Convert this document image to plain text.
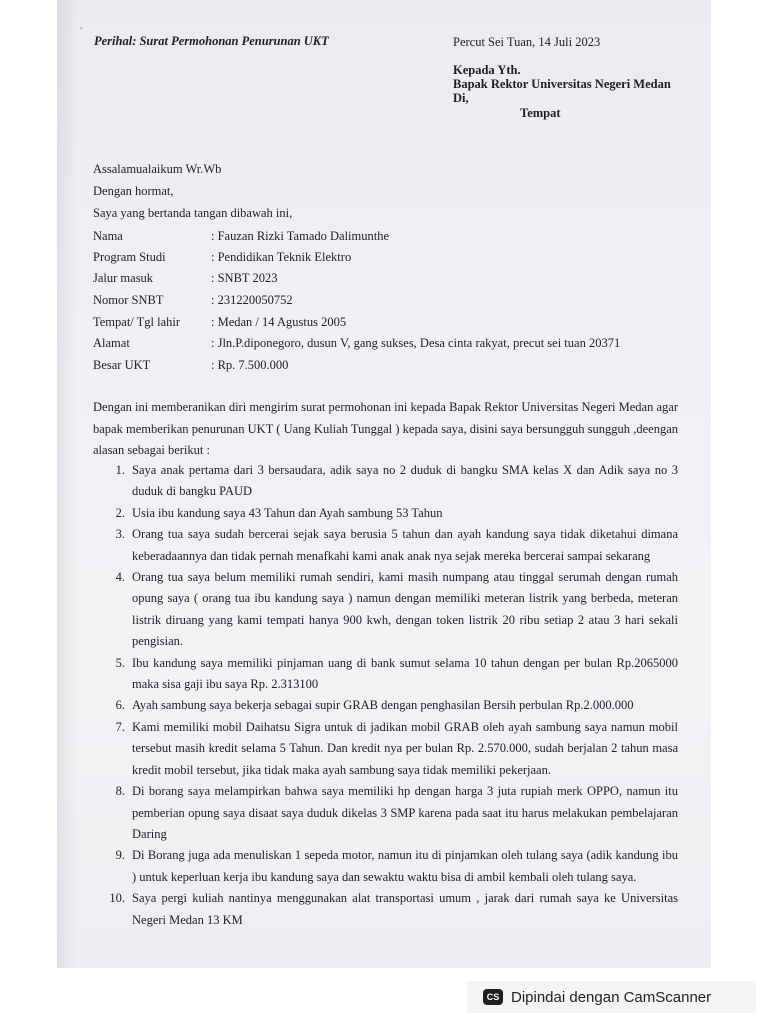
·
Perihal: Surat Permohonan Penurunan UKT	Percut Sei Tuan, 14 Juli 2023
Kepada Yth.
Bapak Rektor Universitas Negeri Medan
Di,
Tempat
Assalamualaikum Wr.Wb
Dengan hormat,
Saya yang bertanda tangan dibawah ini,
Nama	: Fauzan Rizki Tamado Dalimunthe
Program Studi	: Pendidikan Teknik Elektro
Jalur masuk	: SNBT 2023
Nomor SNBT	: 231220050752
Tempat/ Tgl lahir : Medan / 14 Agustus 2005
Alamat	: Jln.P.diponegoro, dusun V, gang sukses, Desa cinta rakyat, precut sei tuan 20371
Besar UKT	: Rp. 7.500.000
Dengan ini memberanikan diri mengirim surat permohonan ini kepada Bapak Rektor Universitas Negeri Medan agar bapak memberikan penurunan UKT ( Uang Kuliah Tunggal ) kepada saya, disini saya bersungguh sungguh ,deengan alasan sebagai berikut :
1. Saya anak pertama dari 3 bersaudara, adik saya no 2 duduk di bangku SMA kelas X dan Adik saya no 3 duduk di bangku PAUD
2. Usia ibu kandung saya 43 Tahun dan Ayah sambung 53 Tahun
3. Orang tua saya sudah bercerai sejak saya berusia 5 tahun dan ayah kandung saya tidak diketahui dimana keberadaannya dan tidak pernah menafkahi kami anak anak nya sejak mereka bercerai sampai sekarang
4. Orang tua saya belum memiliki rumah sendiri, kami masih numpang atau tinggal serumah dengan rumah opung saya ( orang tua ibu kandung saya ) namun dengan memiliki meteran listrik yang berbeda, meteran listrik diruang yang kami tempati hanya 900 kwh, dengan token listrik 20 ribu setiap 2 atau 3 hari sekali pengisian.
5. Ibu kandung saya memiliki pinjaman uang di bank sumut selama 10 tahun dengan per bulan Rp.2065000 maka sisa gaji ibu saya Rp. 2.313100
6. Ayah sambung saya bekerja sebagai supir GRAB dengan penghasilan Bersih perbulan Rp.2.000.000
7. Kami memiliki mobil Daihatsu Sigra untuk di jadikan mobil GRAB oleh ayah sambung saya namun mobil tersebut masih kredit selama 5 Tahun. Dan kredit nya per bulan Rp. 2.570.000, sudah berjalan 2 tahun masa kredit mobil tersebut, jika tidak maka ayah sambung saya tidak memiliki pekerjaan.
8. Di borang saya melampirkan bahwa saya memiliki hp dengan harga 3 juta rupiah merk OPPO, namun itu pemberian opung saya disaat saya duduk dikelas 3 SMP karena pada saat itu harus melakukan pembelajaran Daring
9. Di Borang juga ada menuliskan 1 sepeda motor, namun itu di pinjamkan oleh tulang saya (adik kandung ibu ) untuk keperluan kerja ibu kandung saya dan sewaktu waktu bisa di ambil kembali oleh tulang saya.
10. Saya pergi kuliah nantinya menggunakan alat transportasi umum , jarak dari rumah saya ke Universitas Negeri Medan 13 KM
CS Dipindai dengan CamScanner
